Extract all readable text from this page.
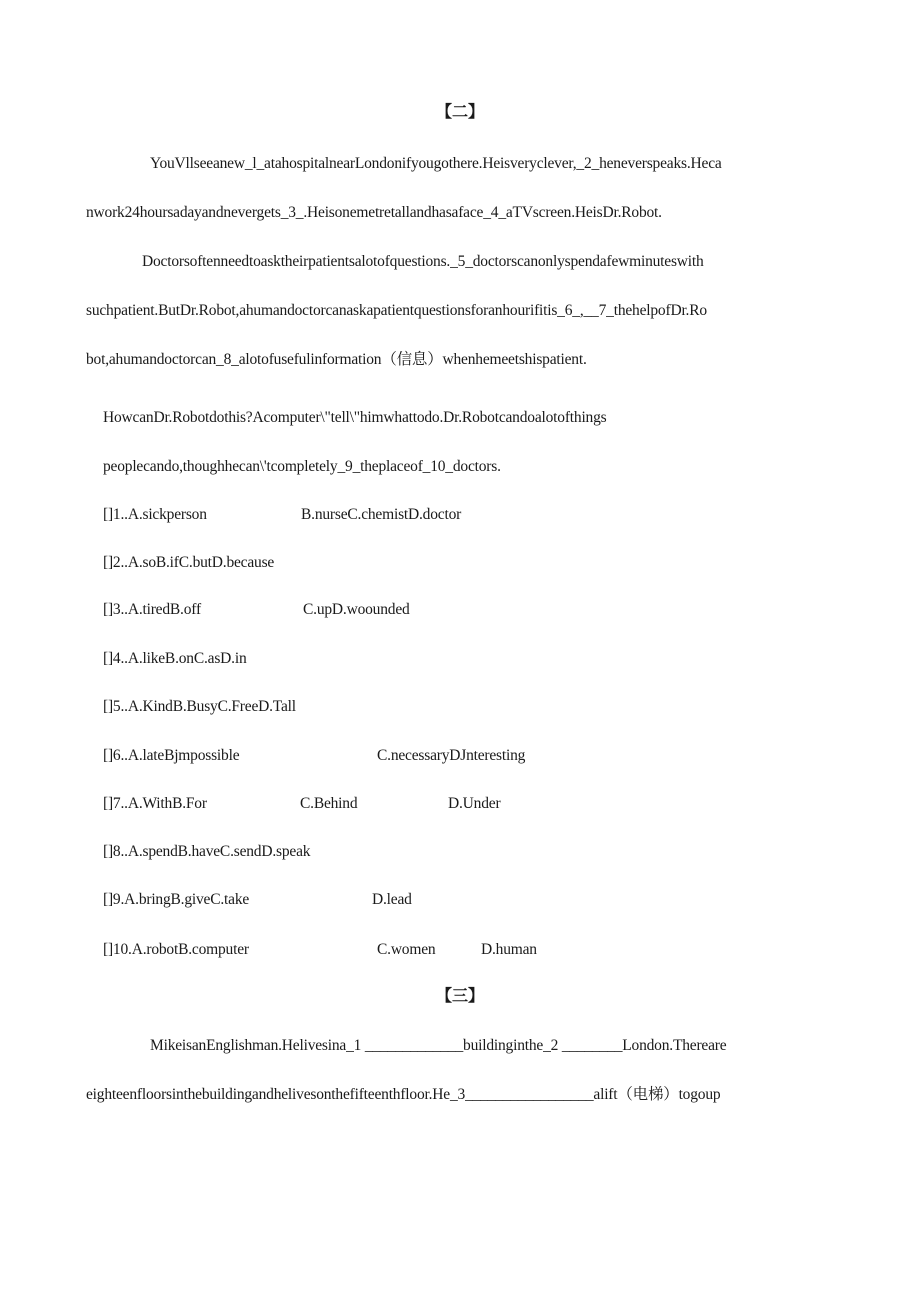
【二】
YouVllseeanew_l_atahospitalnearLondonifyougothere.Heisveryclever,_2_heneverspeaks.Heca
nwork24hoursadayandnevergets_3_.Heisonemetretallandhasaface_4_aTVscreen.HeisDr.Robot.
Doctorsoftenneedtoasktheirpatientsalotofquestions._5_doctorscanonlyspendafewminuteswith
suchpatient.ButDr.Robot,ahumandoctorcanaskapatientquestionsforanhourifitis_6_,__7_thehelpofDr.Ro
bot,ahumandoctorcan_8_alotofusefulinformation（信息）whenhemeetshispatient.
HowcanDr.Robotdothis?Acomputer\"tell\"himwhattodo.Dr.Robotcandoalotofthings
peoplecando,thoughhecan\'tcompletely_9_theplaceof_10_doctors.
[]1..A.sickperson	B.nurseC.chemistD.doctor
[]2..A.soB.ifC.butD.because
[]3..A.tiredB.off	C.upD.woounded
[]4..A.likeB.onC.asD.in
[]5..A.KindB.BusyC.FreeD.Tall
[]6..A.lateBjmpossible	C.necessaryDJnteresting
[]7..A.WithB.For	C.Behind	D.Under
[]8..A.spendB.haveC.sendD.speak
[]9.A.bringB.giveC.take	D.lead
[]10.A.robotB.computer	C.women	D.human
【三】
MikeisanEnglishman.Helivesina_1 _____________buildinginthe_2 ________London.Thereare
eighteenfloorsinthebuildingandhelivesonthefifteenthfloor.He_3_________________alift（电梯）togoup
